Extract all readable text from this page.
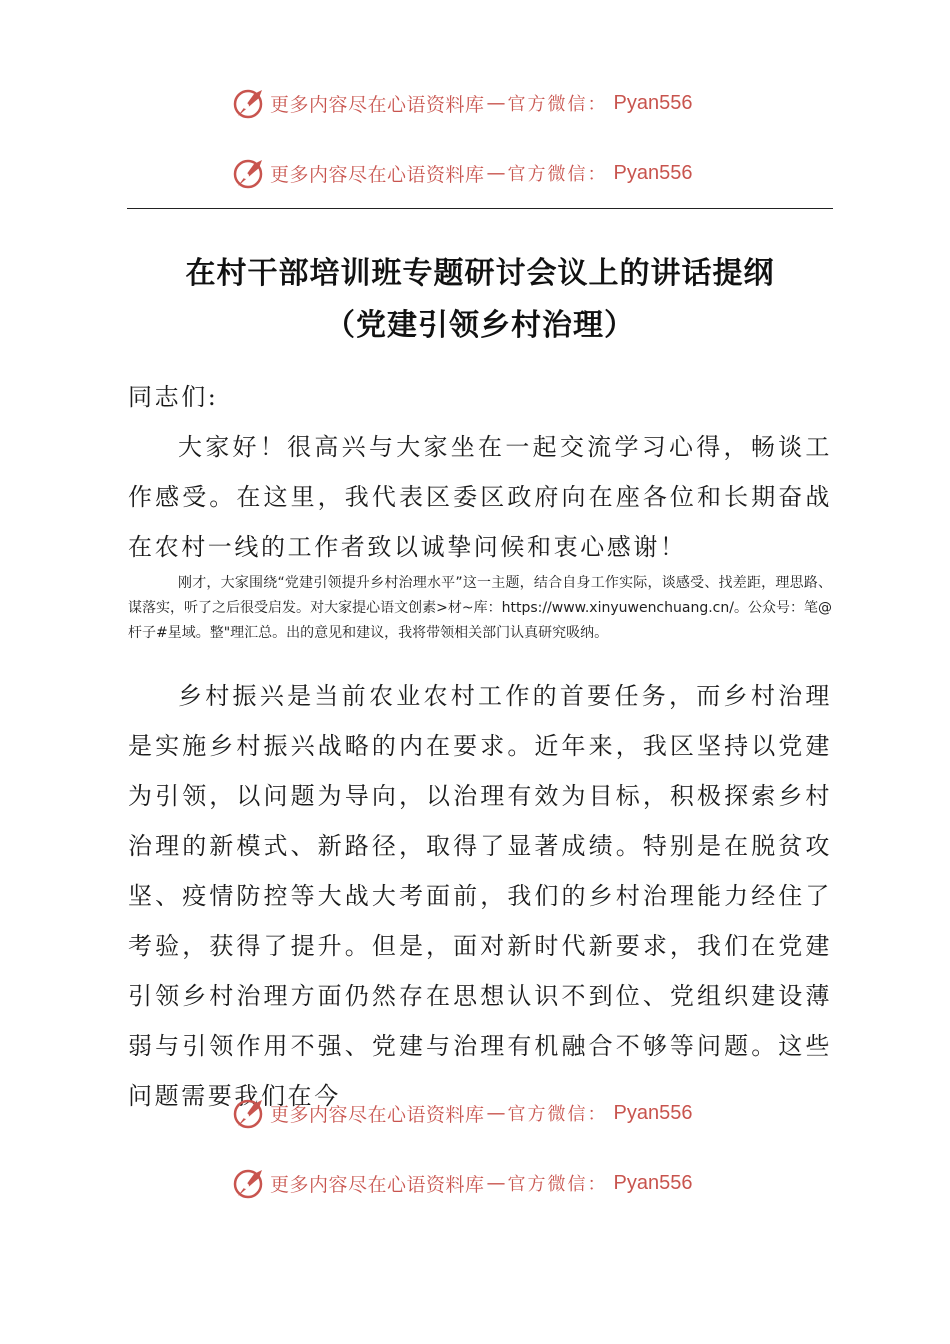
更多内容尽在心语资料库 — 官方微信： Pyan556
更多内容尽在心语资料库 — 官方微信： Pyan556
在村干部培训班专题研讨会议上的讲话提纲
（党建引领乡村治理）

同志们:

大家好！很高兴与大家坐在一起交流学习心得，畅谈工作感受。在这里，我代表区委区政府向在座各位和长期奋战在农村一线的工作者致以诚挚问候和衷心感谢！

刚才，大家围绕“党建引领提升乡村治理水平”这一主题，结合自身工作实际，谈感受、找差距，理思路、谋落实，听了之后很受启发。对大家提心语文创素>材~库：https://www.xinyuwenchuang.cn/。公众号：笔@杆子#星域。整"理汇总。出的意见和建议，我将带领相关部门认真研究吸纳。

乡村振兴是当前农业农村工作的首要任务，而乡村治理是实施乡村振兴战略的内在要求。近年来，我区坚持以党建为引领，以问题为导向，以治理有效为目标，积极探索乡村治理的新模式、新路径，取得了显著成绩。特别是在脱贫攻坚、疫情防控等大战大考面前，我们的乡村治理能力经住了考验，获得了提升。但是，面对新时代新要求，我们在党建引领乡村治理方面仍然存在思想认识不到位、党组织建设薄弱与引领作用不强、党建与治理有机融合不够等问题。这些问题需要我们在今

更多内容尽在心语资料库 — 官方微信： Pyan556
更多内容尽在心语资料库 — 官方微信： Pyan556
